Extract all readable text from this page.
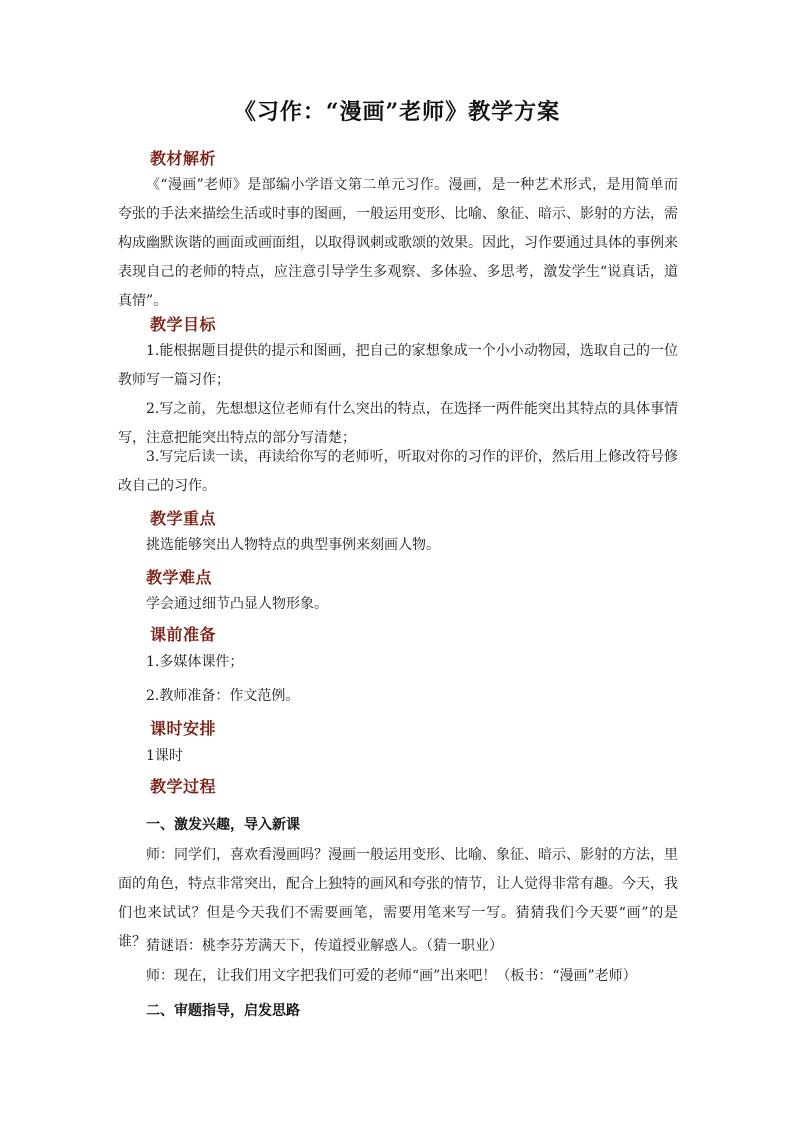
《习作：“漫画”老师》教学方案
教材解析

《“漫画”老师》是部编小学语文第二单元习作。漫画，是一种艺术形式，是用简单而夸张的手法来描绘生活或时事的图画，一般运用变形、比喻、象征、暗示、影射的方法，需构成幽默诙谐的画面或画面组，以取得讽刺或歌颂的效果。因此，习作要通过具体的事例来表现自己的老师的特点，应注意引导学生多观察、多体验、多思考，激发学生“说真话，道真情”。

教学目标

1.能根据题目提供的提示和图画，把自己的家想象成一个小小动物园，选取自己的一位教师写一篇习作；

2.写之前，先想想这位老师有什么突出的特点，在选择一两件能突出其特点的具体事情写，注意把能突出特点的部分写清楚；

3.写完后读一读，再读给你写的老师听，听取对你的习作的评价，然后用上修改符号修改自己的习作。

教学重点
挑选能够突出人物特点的典型事例来刻画人物。
教学难点
学会通过细节凸显人物形象。
课前准备
1.多媒体课件；
2.教师准备：作文范例。
课时安排
1课时
教学过程
一、激发兴趣，导入新课

师：同学们，喜欢看漫画吗？漫画一般运用变形、比喻、象征、暗示、影射的方法，里面的角色，特点非常突出，配合上独特的画风和夸张的情节，让人觉得非常有趣。今天，我们也来试试？但是今天我们不需要画笔，需要用笔来写一写。猜猜我们今天要“画”的是谁？ 猜谜语：桃李芬芳满天下，传道授业解惑人。（猜一职业）
师：现在，让我们用文字把我们可爱的老师“画”出来吧！（板书：“漫画”老师）
二、审题指导，启发思路
